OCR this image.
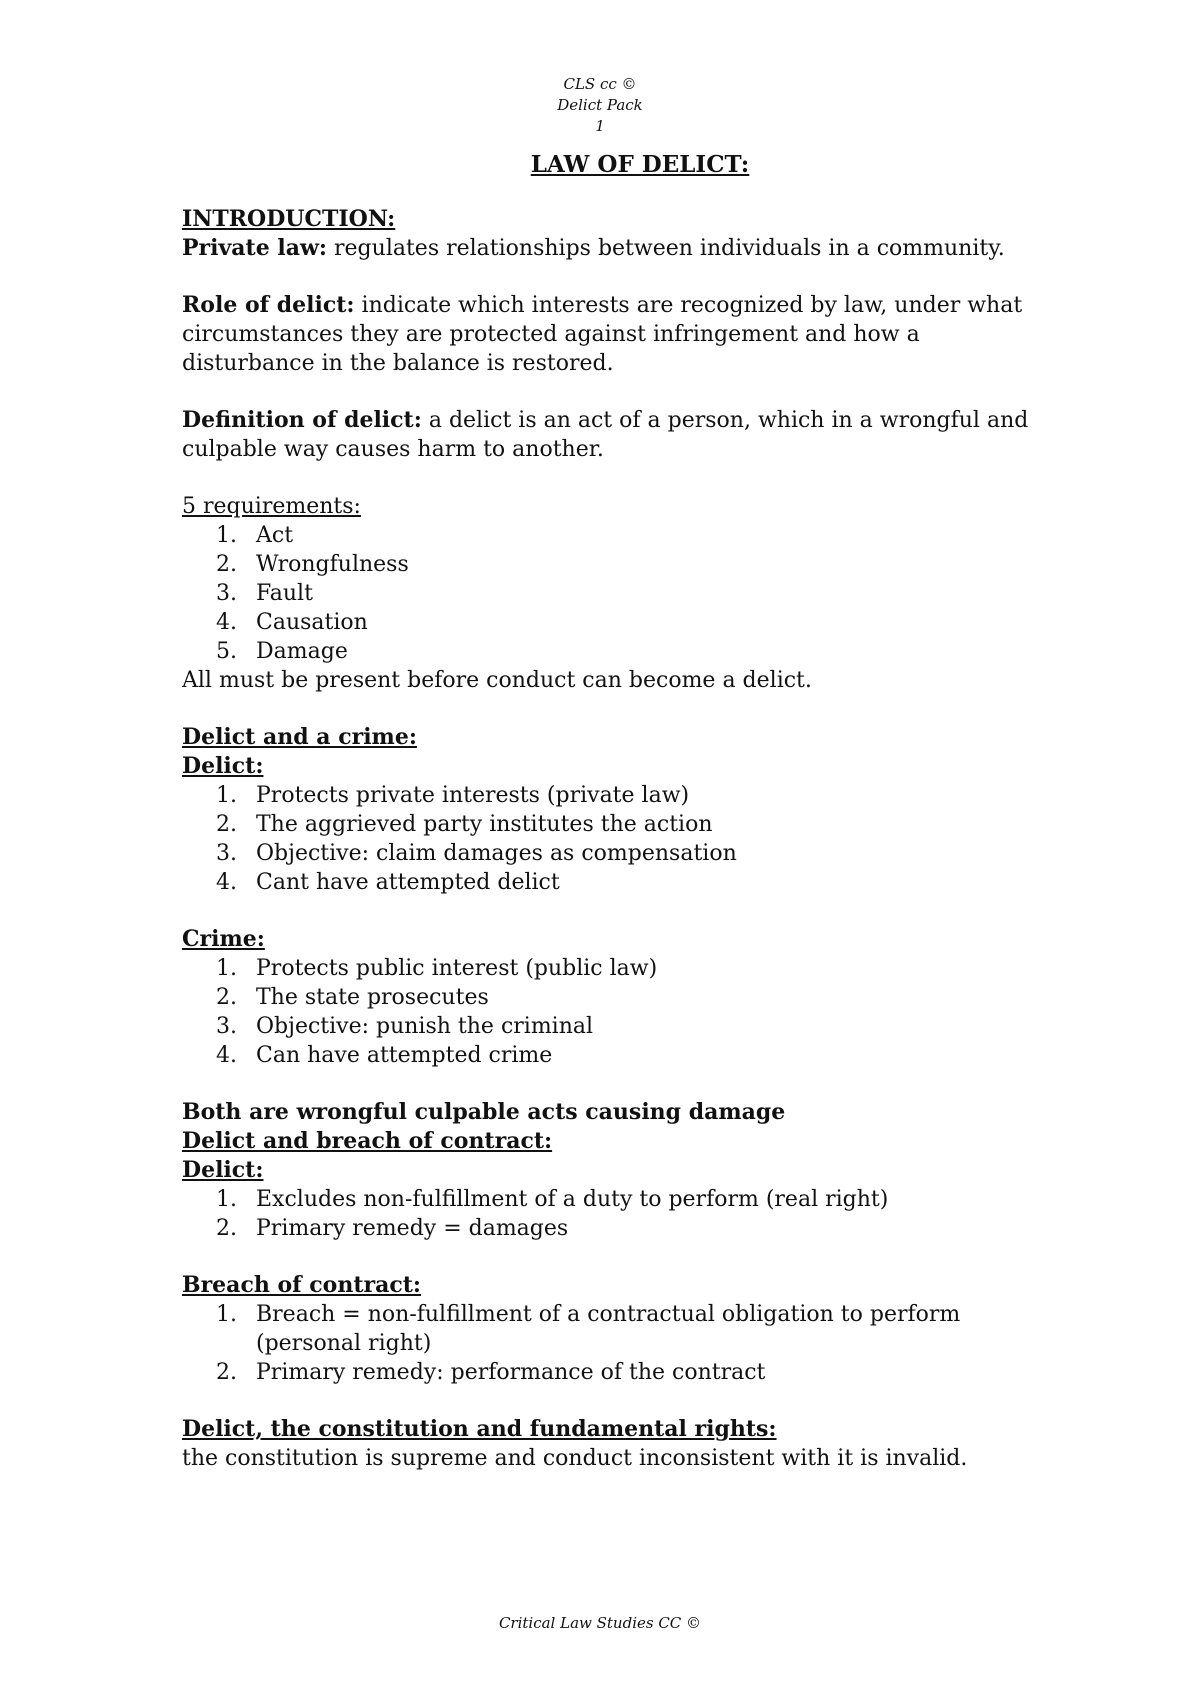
CLS cc ©
Delict Pack
1
LAW OF DELICT:

INTRODUCTION:

Private law: regulates relationships between individuals in a community.

Role of delict: indicate which interests are recognized by law, under what circumstances they are protected against infringement and how a disturbance in the balance is restored.

Definition of delict: a delict is an act of a person, which in a wrongful and culpable way causes harm to another.

5 requirements:

1. Act
2. Wrongfulness
3. Fault
4. Causation
5. Damage

All must be present before conduct can become a delict.

Delict and a crime:

Delict:

1. Protects private interests (private law)
2. The aggrieved party institutes the action
3. Objective: claim damages as compensation
4. Cant have attempted delict

Crime:

1. Protects public interest (public law)
2. The state prosecutes
3. Objective: punish the criminal
4. Can have attempted crime

Both are wrongful culpable acts causing damage

Delict and breach of contract:

Delict:

1. Excludes non-fulfillment of a duty to perform (real right)
2. Primary remedy = damages

Breach of contract:

1. Breach = non-fulfillment of a contractual obligation to perform (personal right)
2. Primary remedy: performance of the contract

Delict, the constitution and fundamental rights:

the constitution is supreme and conduct inconsistent with it is invalid.

Critical Law Studies CC ©
